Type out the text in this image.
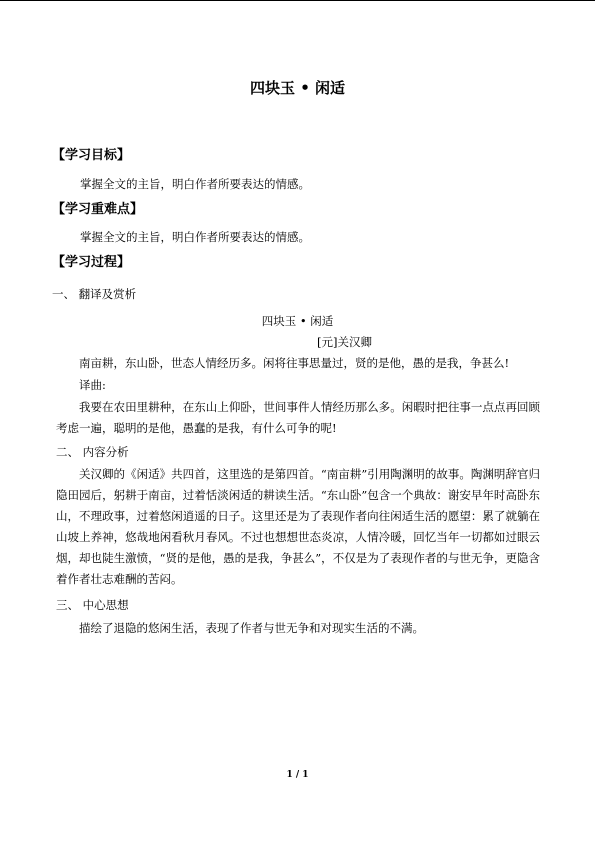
四块玉 • 闲适
【学习目标】
掌握全文的主旨，明白作者所要表达的情感。
【学习重难点】
掌握全文的主旨，明白作者所要表达的情感。
【学习过程】
一、 翻译及赏析
四块玉 • 闲适
[元]关汉卿
南亩耕，东山卧，世态人情经历多。闲将往事思量过，贤的是他，愚的是我，争甚么!
译曲:
我要在农田里耕种，在东山上仰卧，世间事件人情经历那么多。闲暇时把往事一点点再回顾考虑一遍，聪明的是他，愚蠢的是我，有什么可争的呢!
二、 内容分析
关汉卿的《闲适》共四首，这里选的是第四首。“南亩耕”引用陶渊明的故事。陶渊明辞官归隐田园后，躬耕于南亩，过着恬淡闲适的耕读生活。“东山卧”包含一个典故：谢安早年时高卧东山，不理政事，过着悠闲逍遥的日子。这里还是为了表现作者向往闲适生活的愿望：累了就躺在山坡上养神，悠哉地闲看秋月春风。不过也想想世态炎凉，人情冷暖，回忆当年一切都如过眼云烟，却也陡生激愤，“贤的是他，愚的是我，争甚么”，不仅是为了表现作者的与世无争，更隐含着作者壮志难酬的苦闷。
三、 中心思想
描绘了退隐的悠闲生活，表现了作者与世无争和对现实生活的不满。
1 / 1
